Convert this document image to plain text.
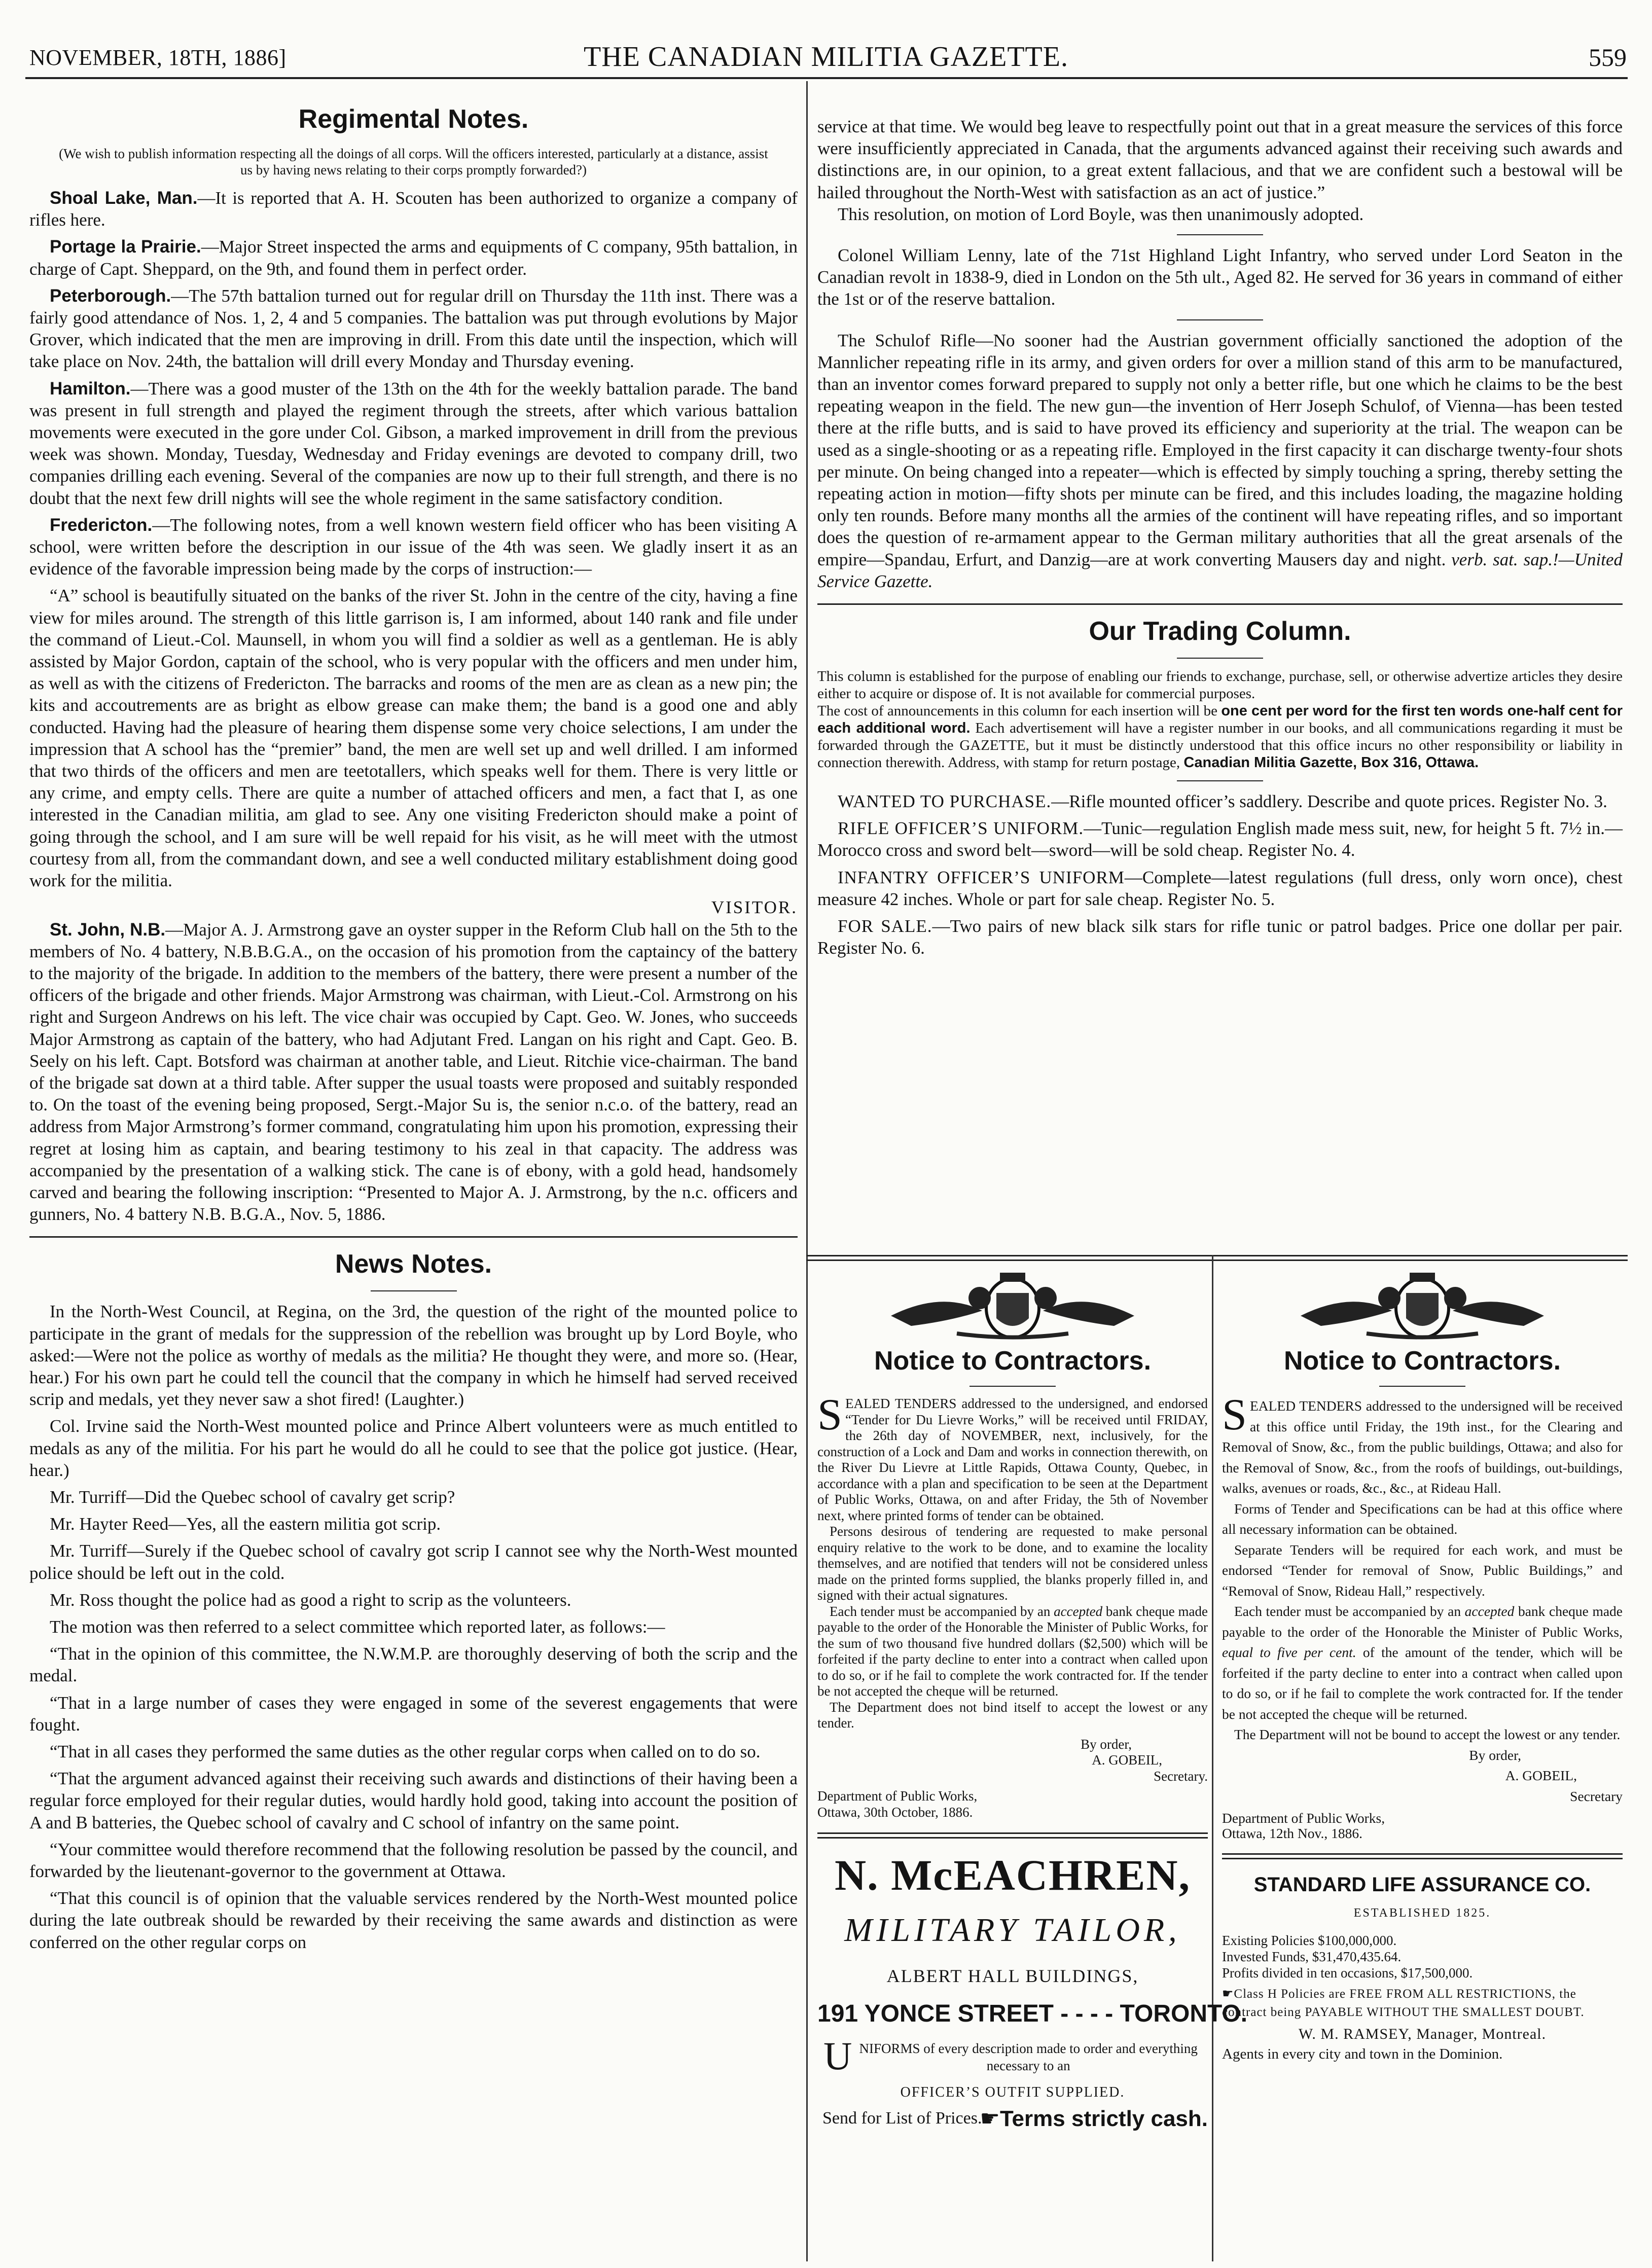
NOVEMBER, 18TH, 1886]	THE CANADIAN MILITIA GAZETTE.	559
Regimental Notes.

(We wish to publish information respecting all the doings of all corps. Will the officers interested, particularly at a distance, assist us by having news relating to their corps promptly forwarded?)

Shoal Lake, Man.—It is reported that A. H. Scouten has been authorized to organize a company of rifles here.

Portage la Prairie.—Major Street inspected the arms and equipments of C company, 95th battalion, in charge of Capt. Sheppard, on the 9th, and found them in perfect order.

Peterborough.—The 57th battalion turned out for regular drill on Thursday the 11th inst. There was a fairly good attendance of Nos. 1, 2, 4 and 5 companies. The battalion was put through evolutions by Major Grover, which indicated that the men are improving in drill. From this date until the inspection, which will take place on Nov. 24th, the battalion will drill every Monday and Thursday evening.

Hamilton.—There was a good muster of the 13th on the 4th for the weekly battalion parade. The band was present in full strength and played the regiment through the streets, after which various battalion movements were executed in the gore under Col. Gibson, a marked improvement in drill from the previous week was shown. Monday, Tuesday, Wednesday and Friday evenings are devoted to company drill, two companies drilling each evening. Several of the companies are now up to their full strength, and there is no doubt that the next few drill nights will see the whole regiment in the same satisfactory condition.

Fredericton.—The following notes, from a well known western field officer who has been visiting A school, were written before the description in our issue of the 4th was seen. We gladly insert it as an evidence of the favorable impression being made by the corps of instruction:—

“A” school is beautifully situated on the banks of the river St. John in the centre of the city, having a fine view for miles around. The strength of this little garrison is, I am informed, about 140 rank and file under the command of Lieut.-Col. Maunsell, in whom you will find a soldier as well as a gentleman. He is ably assisted by Major Gordon, captain of the school, who is very popular with the officers and men under him, as well as with the citizens of Fredericton. The barracks and rooms of the men are as clean as a new pin; the kits and accoutrements are as bright as elbow grease can make them; the band is a good one and ably conducted. Having had the pleasure of hearing them dispense some very choice selections, I am under the impression that A school has the “premier” band, the men are well set up and well drilled. I am informed that two thirds of the officers and men are teetotallers, which speaks well for them. There is very little or any crime, and empty cells. There are quite a number of attached officers and men, a fact that I, as one interested in the Canadian militia, am glad to see. Any one visiting Fredericton should make a point of going through the school, and I am sure will be well repaid for his visit, as he will meet with the utmost courtesy from all, from the commandant down, and see a well conducted military establishment doing good work for the militia.

VISITOR.

St. John, N.B.—Major A. J. Armstrong gave an oyster supper in the Reform Club hall on the 5th to the members of No. 4 battery, N.B.B.G.A., on the occasion of his promotion from the captaincy of the battery to the majority of the brigade. In addition to the members of the battery, there were present a number of the officers of the brigade and other friends. Major Armstrong was chairman, with Lieut.-Col. Armstrong on his right and Surgeon Andrews on his left. The vice chair was occupied by Capt. Geo. W. Jones, who succeeds Major Armstrong as captain of the battery, who had Adjutant Fred. Langan on his right and Capt. Geo. B. Seely on his left. Capt. Botsford was chairman at another table, and Lieut. Ritchie vice-chairman. The band of the brigade sat down at a third table. After supper the usual toasts were proposed and suitably responded to. On the toast of the evening being proposed, Sergt.-Major Su is, the senior n.c.o. of the battery, read an address from Major Armstrong’s former command, congratulating him upon his promotion, expressing their regret at losing him as captain, and bearing testimony to his zeal in that capacity. The address was accompanied by the presentation of a walking stick. The cane is of ebony, with a gold head, handsomely carved and bearing the following inscription: “Presented to Major A. J. Armstrong, by the n.c. officers and gunners, No. 4 battery N.B. B.G.A., Nov. 5, 1886.

News Notes.

In the North-West Council, at Regina, on the 3rd, the question of the right of the mounted police to participate in the grant of medals for the suppression of the rebellion was brought up by Lord Boyle, who asked:—Were not the police as worthy of medals as the militia? He thought they were, and more so. (Hear, hear.) For his own part he could tell the council that the company in which he himself had served received scrip and medals, yet they never saw a shot fired! (Laughter.)

Col. Irvine said the North-West mounted police and Prince Albert volunteers were as much entitled to medals as any of the militia. For his part he would do all he could to see that the police got justice. (Hear, hear.)

Mr. Turriff—Did the Quebec school of cavalry get scrip?

Mr. Hayter Reed—Yes, all the eastern militia got scrip.

Mr. Turriff—Surely if the Quebec school of cavalry got scrip I cannot see why the North-West mounted police should be left out in the cold.

Mr. Ross thought the police had as good a right to scrip as the volunteers.

The motion was then referred to a select committee which reported later, as follows:—

“That in the opinion of this committee, the N.W.M.P. are thoroughly deserving of both the scrip and the medal.

“That in a large number of cases they were engaged in some of the severest engagements that were fought.

“That in all cases they performed the same duties as the other regular corps when called on to do so.

“That the argument advanced against their receiving such awards and distinctions of their having been a regular force employed for their regular duties, would hardly hold good, taking into account the position of A and B batteries, the Quebec school of cavalry and C school of infantry on the same point.

“Your committee would therefore recommend that the following resolution be passed by the council, and forwarded by the lieutenant-governor to the government at Ottawa.

“That this council is of opinion that the valuable services rendered by the North-West mounted police during the late outbreak should be rewarded by their receiving the same awards and distinction as were conferred on the other regular corps on

service at that time. We would beg leave to respectfully point out that in a great measure the services of this force were insufficiently appreciated in Canada, that the arguments advanced against their receiving such awards and distinctions are, in our opinion, to a great extent fallacious, and that we are confident such a bestowal will be hailed throughout the North-West with satisfaction as an act of justice.”

This resolution, on motion of Lord Boyle, was then unanimously adopted.

Colonel William Lenny, late of the 71st Highland Light Infantry, who served under Lord Seaton in the Canadian revolt in 1838-9, died in London on the 5th ult., Aged 82. He served for 36 years in command of either the 1st or of the reserve battalion.

The Schulof Rifle—No sooner had the Austrian government officially sanctioned the adoption of the Mannlicher repeating rifle in its army, and given orders for over a million stand of this arm to be manufactured, than an inventor comes forward prepared to supply not only a better rifle, but one which he claims to be the best repeating weapon in the field. The new gun—the invention of Herr Joseph Schulof, of Vienna—has been tested there at the rifle butts, and is said to have proved its efficiency and superiority at the trial. The weapon can be used as a single-shooting or as a repeating rifle. Employed in the first capacity it can discharge twenty-four shots per minute. On being changed into a repeater—which is effected by simply touching a spring, thereby setting the repeating action in motion—fifty shots per minute can be fired, and this includes loading, the magazine holding only ten rounds. Before many months all the armies of the continent will have repeating rifles, and so important does the question of re-armament appear to the German military authorities that all the great arsenals of the empire—Spandau, Erfurt, and Danzig—are at work converting Mausers day and night. verb. sat. sap.!—United Service Gazette.

Our Trading Column.

This column is established for the purpose of enabling our friends to exchange, purchase, sell, or otherwise advertize articles they desire either to acquire or dispose of. It is not available for commercial purposes.

The cost of announcements in this column for each insertion will be one cent per word for the first ten words one-half cent for each additional word. Each advertisement will have a register number in our books, and all communications regarding it must be forwarded through the GAZETTE, but it must be distinctly understood that this office incurs no other responsibility or liability in connection therewith. Address, with stamp for return postage, Canadian Militia Gazette, Box 316, Ottawa.

WANTED TO PURCHASE.—Rifle mounted officer’s saddlery. Describe and quote prices. Register No. 3.

RIFLE OFFICER’S UNIFORM.—Tunic—regulation English made mess suit, new, for height 5 ft. 7½ in.—Morocco cross and sword belt—sword—will be sold cheap. Register No. 4.

INFANTRY OFFICER’S UNIFORM—Complete—latest regulations (full dress, only worn once), chest measure 42 inches. Whole or part for sale cheap. Register No. 5.

FOR SALE.—Two pairs of new black silk stars for rifle tunic or patrol badges. Price one dollar per pair. Register No. 6.

Notice to Contractors.

SEALED TENDERS addressed to the undersigned, and endorsed “Tender for Du Lievre Works,” will be received until FRIDAY, the 26th day of NOVEMBER, next, inclusively, for the construction of a Lock and Dam and works in connection therewith, on the River Du Lievre at Little Rapids, Ottawa County, Quebec, in accordance with a plan and specification to be seen at the Department of Public Works, Ottawa, on and after Friday, the 5th of November next, where printed forms of tender can be obtained.

Persons desirous of tendering are requested to make personal enquiry relative to the work to be done, and to examine the locality themselves, and are notified that tenders will not be considered unless made on the printed forms supplied, the blanks properly filled in, and signed with their actual signatures.

Each tender must be accompanied by an accepted bank cheque made payable to the order of the Honorable the Minister of Public Works, for the sum of two thousand five hundred dollars ($2,500) which will be forfeited if the party decline to enter into a contract when called upon to do so, or if he fail to complete the work contracted for. If the tender be not accepted the cheque will be returned.

The Department does not bind itself to accept the lowest or any tender.

By order,

A. GOBEIL,

Secretary.

Department of Public Works,

Ottawa, 30th October, 1886.

N. McEACHREN,
MILITARY TAILOR,
ALBERT HALL BUILDINGS,
191 YONCE STREET - - - - TORONTO.
UNIFORMS of every description made to order and everything necessary to an
OFFICER’S OUTFIT SUPPLIED.
Send for List of Prices.
☛Terms strictly cash.
Notice to Contractors.

SEALED TENDERS addressed to the undersigned will be received at this office until Friday, the 19th inst., for the Clearing and Removal of Snow, &c., from the public buildings, Ottawa; and also for the Removal of Snow, &c., from the roofs of buildings, out-buildings, walks, avenues or roads, &c., &c., at Rideau Hall.

Forms of Tender and Specifications can be had at this office where all necessary information can be obtained.

Separate Tenders will be required for each work, and must be endorsed “Tender for removal of Snow, Public Buildings,” and “Removal of Snow, Rideau Hall,” respectively.

Each tender must be accompanied by an accepted bank cheque made payable to the order of the Honorable the Minister of Public Works, equal to five per cent. of the amount of the tender, which will be forfeited if the party decline to enter into a contract when called upon to do so, or if he fail to complete the work contracted for. If the tender be not accepted the cheque will be returned.

The Department will not be bound to accept the lowest or any tender.

By order,

A. GOBEIL,

Secretary

Department of Public Works,

Ottawa, 12th Nov., 1886.

STANDARD LIFE ASSURANCE CO.
ESTABLISHED 1825.
Existing Policies $100,000,000.
Invested Funds, $31,470,435.64.
Profits divided in ten occasions, $17,500,000.
☛Class H Policies are FREE FROM ALL RESTRICTIONS, the contract being PAYABLE WITHOUT THE SMALLEST DOUBT.
W. M. RAMSEY, Manager, Montreal.
Agents in every city and town in the Dominion.
